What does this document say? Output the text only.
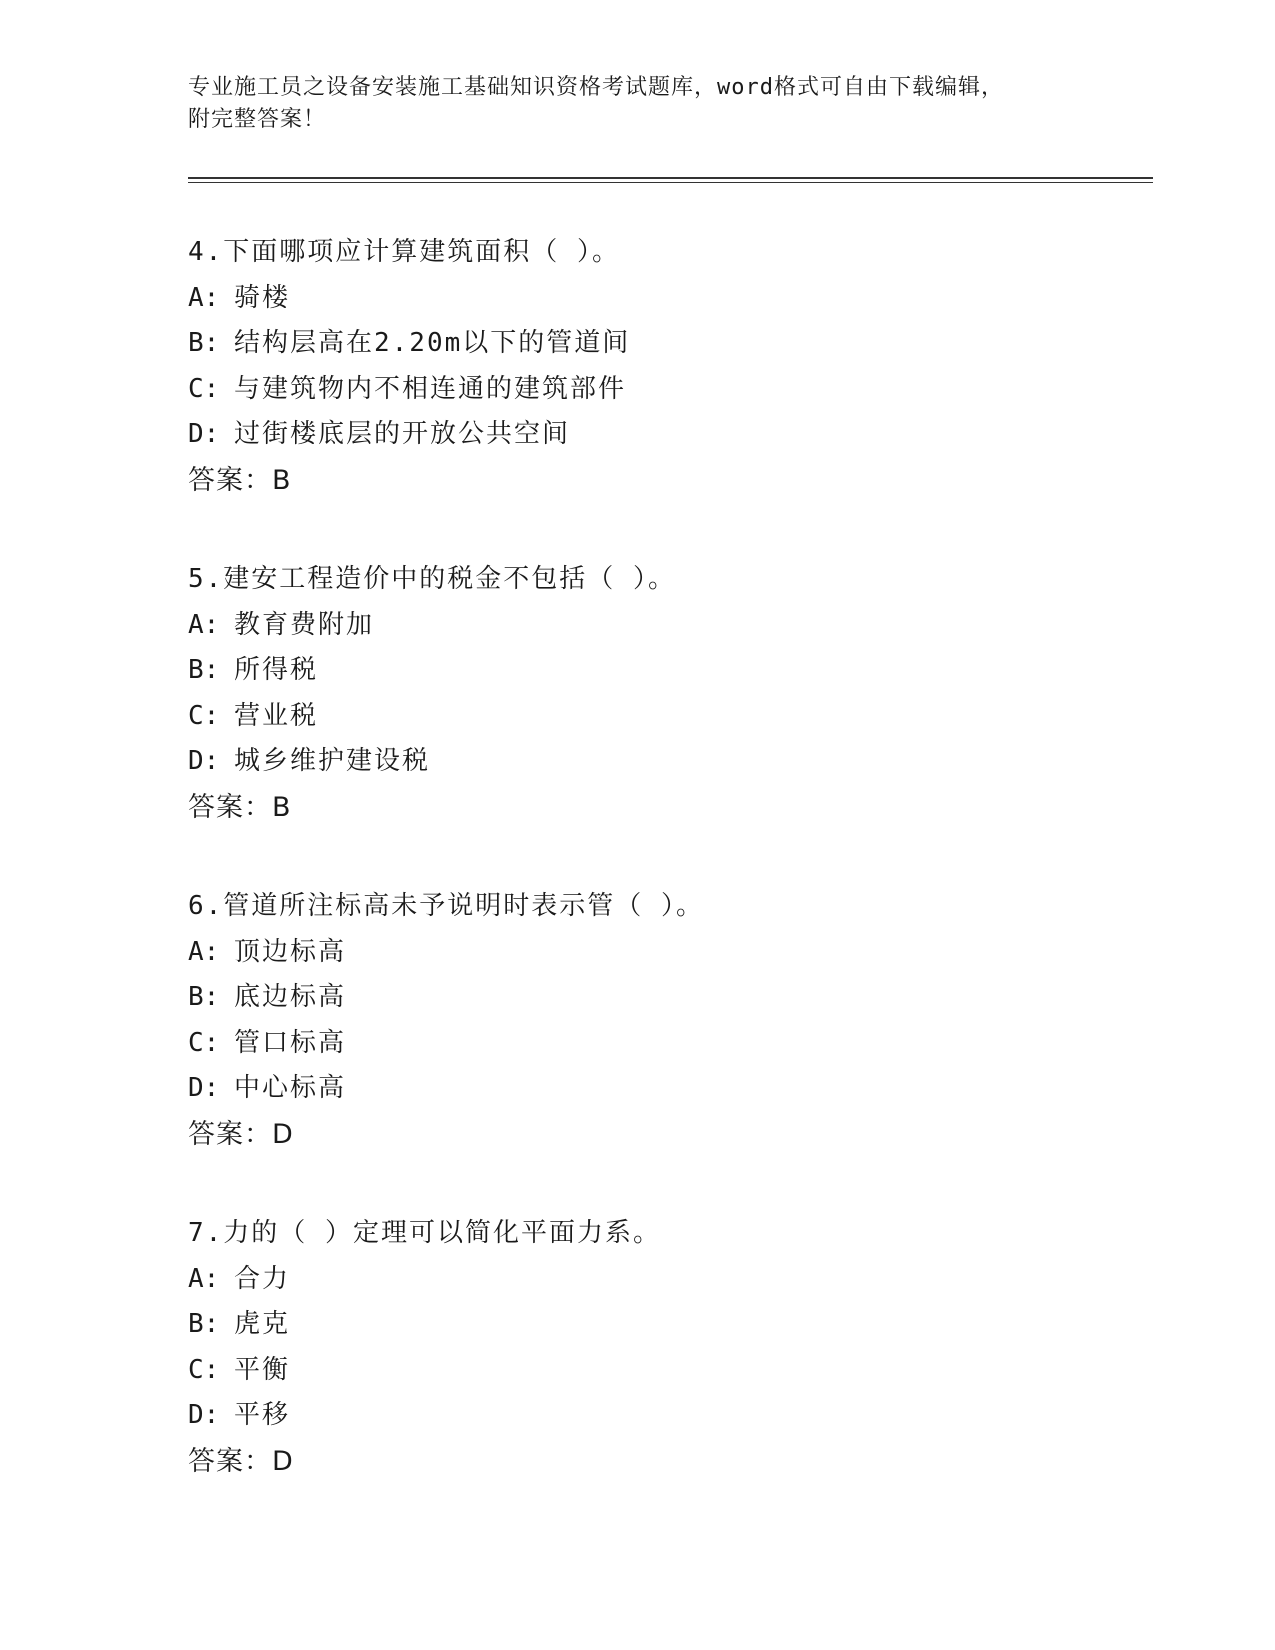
专业施工员之设备安装施工基础知识资格考试题库，word格式可自由下载编辑，
附完整答案！
4.下面哪项应计算建筑面积（ ）。
A: 骑楼
B: 结构层高在2.20m以下的管道间
C: 与建筑物内不相连通的建筑部件
D: 过街楼底层的开放公共空间
答案：B
5.建安工程造价中的税金不包括（ ）。
A: 教育费附加
B: 所得税
C: 营业税
D: 城乡维护建设税
答案：B
6.管道所注标高未予说明时表示管（ ）。
A: 顶边标高
B: 底边标高
C: 管口标高
D: 中心标高
答案：D
7.力的（ ）定理可以简化平面力系。
A: 合力
B: 虎克
C: 平衡
D: 平移
答案：D
